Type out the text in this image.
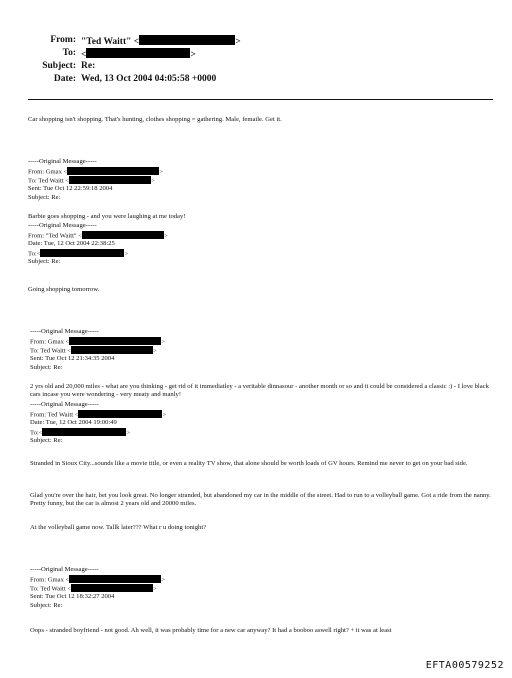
From: "Ted Waitt" <	>
To: <	>
Subject: Re:
Date: Wed, 13 Oct 2004 04:05:58 +0000
Car shopping isn't shopping. That's hunting, clothes shopping = gathering. Male, femaile. Get it.
-----Original Message-----
From: Gmax <	>
To: Ted Waitt <	>
Sent: Tue Oct 12 22:59:18 2004
Subject: Re:
Barbie goes shopping - and you were laughing at me today!
-----Original Message-----
From: "Ted Waitt" <	>
Date: Tue, 12 Oct 2004 22:38:25
To:<	>
Subject: Re:
Going shopping tomorrow.
-----Original Message-----
From: Gmax <	>
To: Ted Waitt <	>
Sent: Tue Oct 12 21:34:35 2004
Subject: Re:
2 yrs old and 20,000 miles - what are you thinking - get rid of it immediatley - a veritable dinnasour - another month or so and it could be considered a classic :) - I love black cars incase you were wondering - very meaty and manly!
-----Original Message-----
From: Ted Waitt <	>
Date: Tue, 12 Oct 2004 19:00:49
To:<	>
Subject: Re:
Stranded in Sioux City...sounds like a movie title, or even a reality TV show, that alone should be worth loads of GV hours. Remind me never to get on your bad side.
Glad you're over the hair, bet you look great. No longer stranded, but abandoned my car in the middle of the street. Had to run to a volleyball game. Got a ride from the nanny. Pretty funny, but the car is almost 2 years old and 20000 miles.
At the volleyball game now. Tallk later??? What r u doing tonight?
-----Original Message-----
From: Gmax <	>
To: Ted Waitt <	>
Sent: Tue Oct 12 18:32:27 2004
Subject: Re:
Oops - stranded boyfriend - not good. Ah well, it was probably time for a new car anyway? It had a booboo aswell right? + it was at least
EFTA00579252
